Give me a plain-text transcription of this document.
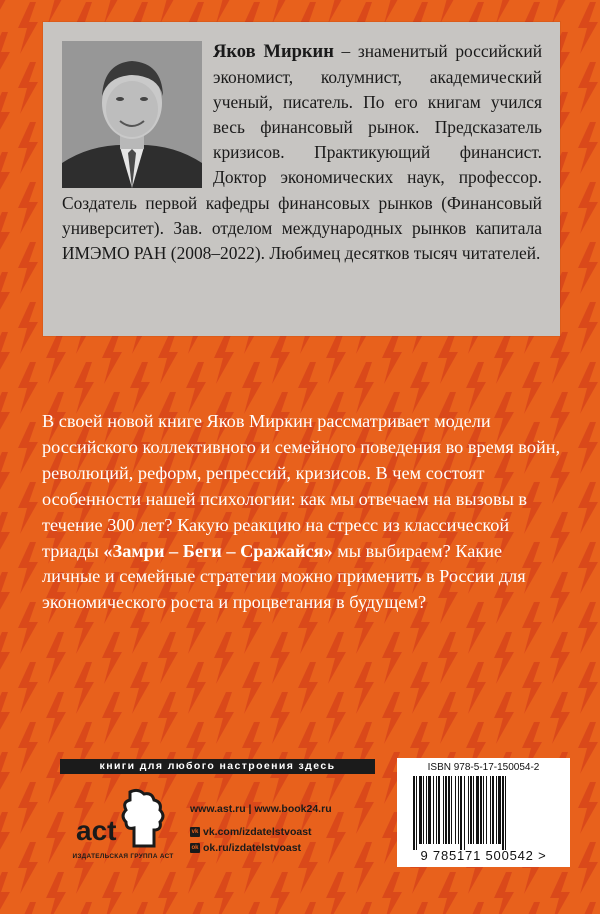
Яков Миркин – знаменитый российский экономист, колумнист, академический ученый, писатель. По его книгам учился весь финансовый рынок. Предсказатель кризисов. Практикующий финансист. Доктор экономических наук, профессор. Создатель первой кафедры финансовых рынков (Финансовый университет). Зав. отделом международных рынков капитала ИМЭМО РАН (2008–2022). Любимец десятков тысяч читателей.
В своей новой книге Яков Миркин рассматривает модели российского коллективного и семейного поведения во время войн, революций, реформ, репрессий, кризисов. В чем состоят особенности нашей психологии: как мы отвечаем на вызовы в течение 300 лет? Какую реакцию на стресс из классической триады «Замри – Беги – Сражайся» мы выбираем? Какие личные и семейные стратегии можно применить в России для экономического роста и процветания в будущем?
книги для любого настроения здесь
act
ИЗДАТЕЛЬСКАЯ ГРУППА АСТ
www.ast.ru | www.book24.ru
vk vk.com/izdatelstvoast
ok ok.ru/izdatelstvoast
ISBN 978-5-17-150054-2
9 785171 500542 >
